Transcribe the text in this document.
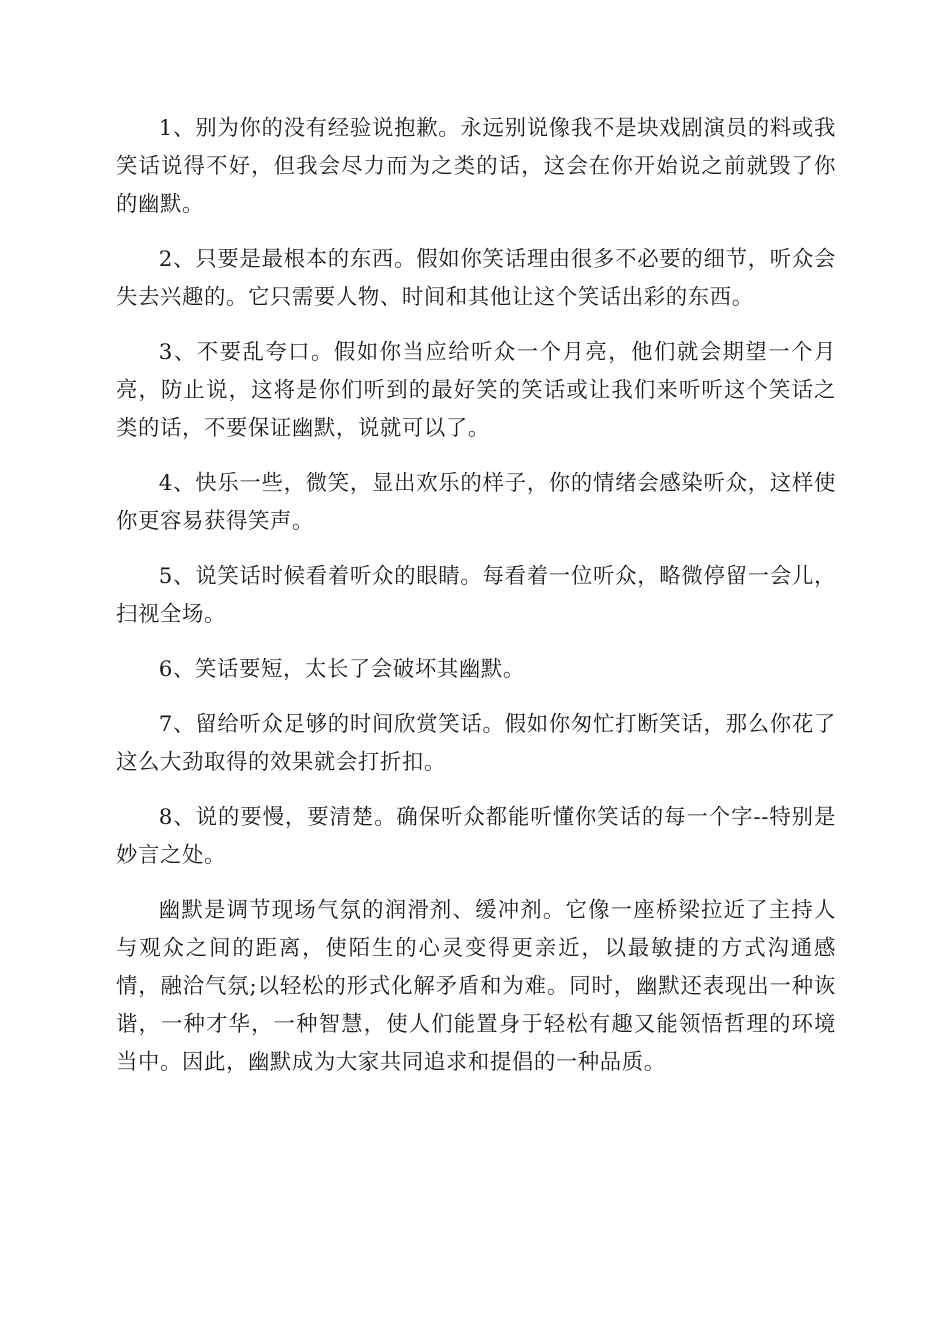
1、别为你的没有经验说抱歉。永远别说像我不是块戏剧演员的料或我笑话说得不好，但我会尽力而为之类的话，这会在你开始说之前就毁了你的幽默。

2、只要是最根本的东西。假如你笑话理由很多不必要的细节，听众会失去兴趣的。它只需要人物、时间和其他让这个笑话出彩的东西。

3、不要乱夸口。假如你当应给听众一个月亮，他们就会期望一个月亮，防止说，这将是你们听到的最好笑的笑话或让我们来听听这个笑话之类的话，不要保证幽默，说就可以了。

4、快乐一些，微笑，显出欢乐的样子，你的情绪会感染听众，这样使你更容易获得笑声。

5、说笑话时候看着听众的眼睛。每看着一位听众，略微停留一会儿，扫视全场。

6、笑话要短，太长了会破坏其幽默。

7、留给听众足够的时间欣赏笑话。假如你匆忙打断笑话，那么你花了这么大劲取得的效果就会打折扣。

8、说的要慢，要清楚。确保听众都能听懂你笑话的每一个字--特别是妙言之处。

幽默是调节现场气氛的润滑剂、缓冲剂。它像一座桥梁拉近了主持人与观众之间的距离，使陌生的心灵变得更亲近，以最敏捷的方式沟通感情，融洽气氛;以轻松的形式化解矛盾和为难。同时，幽默还表现出一种诙谐，一种才华，一种智慧，使人们能置身于轻松有趣又能领悟哲理的环境当中。因此，幽默成为大家共同追求和提倡的一种品质。
